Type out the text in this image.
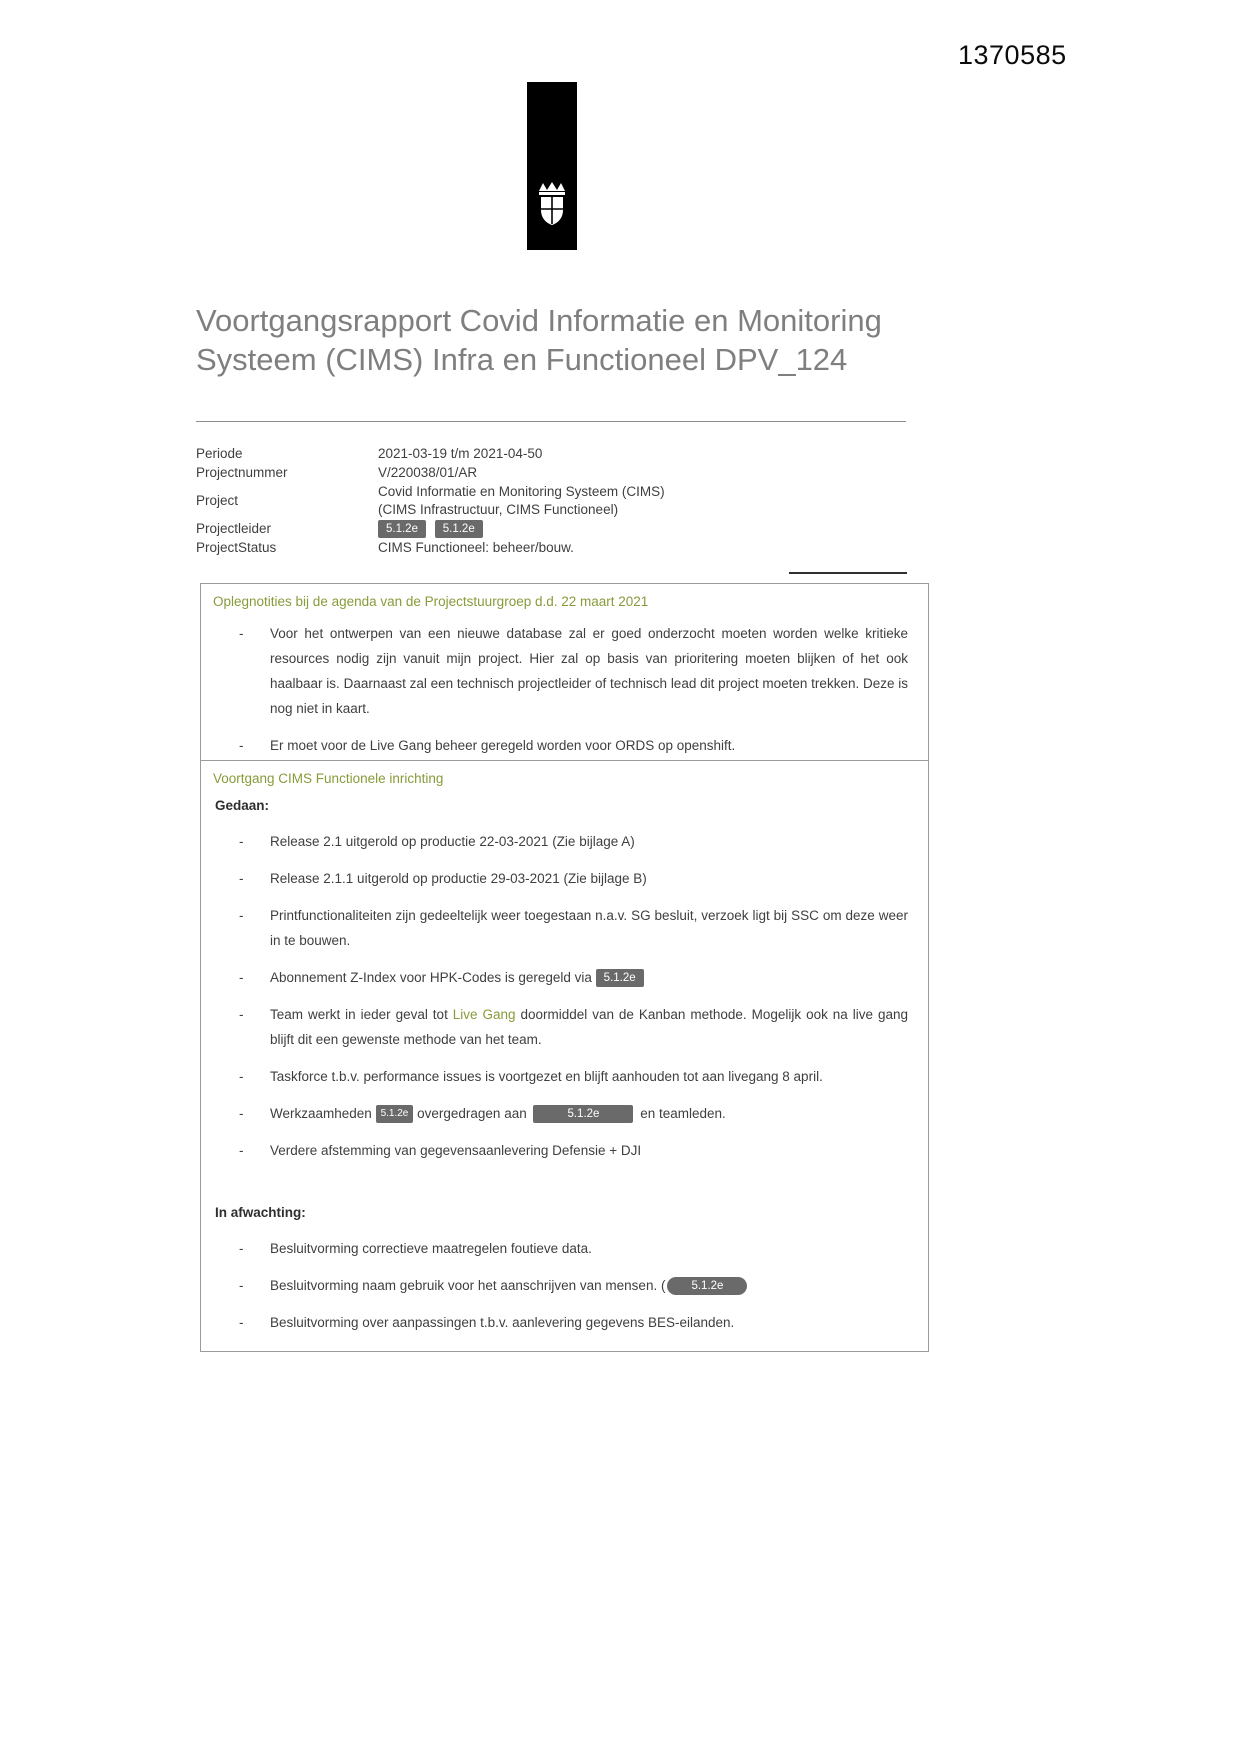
1370585
Voortgangsrapport Covid Informatie en Monitoring
Systeem (CIMS) Infra en Functioneel DPV_124
Periode	2021-03-19 t/m 2021-04-50
Projectnummer	V/220038/01/AR
Project
Covid Informatie en Monitoring Systeem (CIMS)
(CIMS Infrastructuur, CIMS Functioneel)
Projectleider	5.1.2e 5.1.2e
ProjectStatus	CIMS Functioneel: beheer/bouw.
Oplegnotities bij de agenda van de Projectstuurgroep d.d. 22 maart 2021
- Voor het ontwerpen van een nieuwe database zal er goed onderzocht moeten worden welke kritieke resources nodig zijn vanuit mijn project. Hier zal op basis van prioritering moeten blijken of het ook haalbaar is. Daarnaast zal een technisch projectleider of technisch lead dit project moeten trekken. Deze is nog niet in kaart.
- Er moet voor de Live Gang beheer geregeld worden voor ORDS op openshift.
Voortgang CIMS Functionele inrichting
Gedaan:
- Release 2.1 uitgerold op productie 22-03-2021 (Zie bijlage A)
- Release 2.1.1 uitgerold op productie 29-03-2021 (Zie bijlage B)
- Printfunctionaliteiten zijn gedeeltelijk weer toegestaan n.a.v. SG besluit, verzoek ligt bij SSC om deze weer in te bouwen.
- Abonnement Z-Index voor HPK-Codes is geregeld via 5.1.2e
- Team werkt in ieder geval tot Live Gang doormiddel van de Kanban methode. Mogelijk ook na live gang blijft dit een gewenste methode van het team.
- Taskforce t.b.v. performance issues is voortgezet en blijft aanhouden tot aan livegang 8 april.
- Werkzaamheden 5.1.2e overgedragen aan	5.1.2e	en teamleden.
- Verdere afstemming van gegevensaanlevering Defensie + DJI
In afwachting:
- Besluitvorming correctieve maatregelen foutieve data.
- Besluitvorming naam gebruik voor het aanschrijven van mensen. ( 5.1.2e
- Besluitvorming over aanpassingen t.b.v. aanlevering gegevens BES-eilanden.
